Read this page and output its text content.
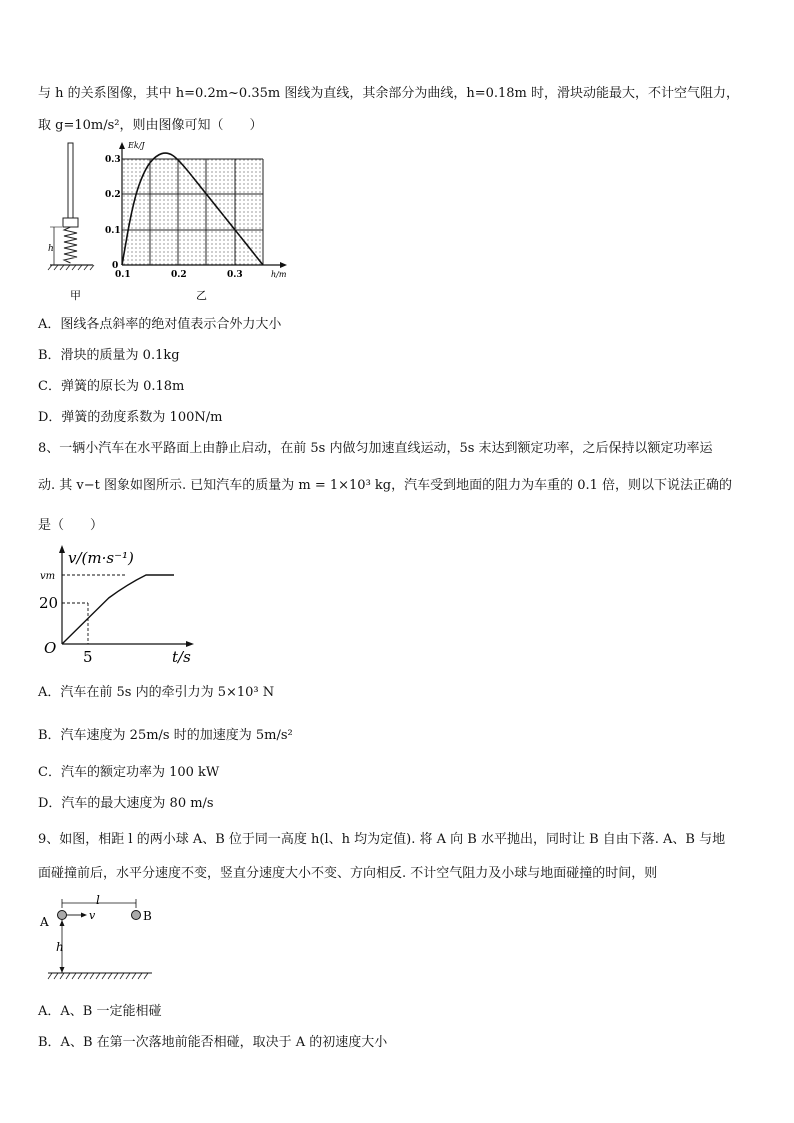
与 h 的关系图像，其中 h=0.2m~0.35m 图线为直线，其余部分为曲线，h=0.18m 时，滑块动能最大，不计空气阻力，
取 g=10m/s²，则由图像可知（　　）
h
甲
Ek/J
h/m
0.3
0.2
0.1
0
0.1	0.2	0.3
乙
A．图线各点斜率的绝对值表示合外力大小
B．滑块的质量为 0.1kg
C．弹簧的原长为 0.18m
D．弹簧的劲度系数为 100N/m
8、一辆小汽车在水平路面上由静止启动，在前 5s 内做匀加速直线运动，5s 末达到额定功率，之后保持以额定功率运
动. 其 v−t 图象如图所示. 已知汽车的质量为 m = 1×10³ kg，汽车受到地面的阻力为车重的 0.1 倍，则以下说法正确的
是（　　）
v/(m·s⁻¹)
vm
20
O 5	t/s
A．汽车在前 5s 内的牵引力为 5×10³ N
B．汽车速度为 25m/s 时的加速度为 5m/s²
C．汽车的额定功率为 100 kW
D．汽车的最大速度为 80 m/s
9、如图，相距 l 的两小球 A、B 位于同一高度 h(l、h 均为定值). 将 A 向 B 水平抛出，同时让 B 自由下落. A、B 与地
面碰撞前后，水平分速度不变，竖直分速度大小不变、方向相反. 不计空气阻力及小球与地面碰撞的时间，则
l
v
A	B
h
A．A、B 一定能相碰
B．A、B 在第一次落地前能否相碰，取决于 A 的初速度大小
